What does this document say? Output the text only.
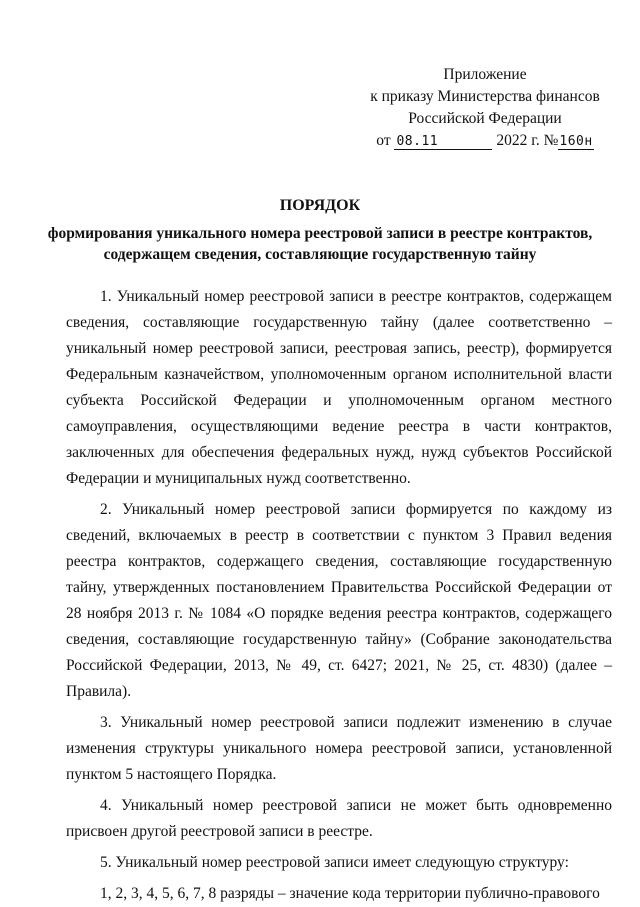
Приложение
к приказу Министерства финансов
Российской Федерации
от 08.11	2022 г. №160н
ПОРЯДОК
формирования уникального номера реестровой записи в реестре контрактов, содержащем сведения, составляющие государственную тайну

1. Уникальный номер реестровой записи в реестре контрактов, содержащем сведения, составляющие государственную тайну (далее соответственно – уникальный номер реестровой записи, реестровая запись, реестр), формируется Федеральным казначейством, уполномоченным органом исполнительной власти субъекта Российской Федерации и уполномоченным органом местного самоуправления, осуществляющими ведение реестра в части контрактов, заключенных для обеспечения федеральных нужд, нужд субъектов Российской Федерации и муниципальных нужд соответственно.

2. Уникальный номер реестровой записи формируется по каждому из сведений, включаемых в реестр в соответствии с пунктом 3 Правил ведения реестра контрактов, содержащего сведения, составляющие государственную тайну, утвержденных постановлением Правительства Российской Федерации от 28 ноября 2013 г. № 1084 «О порядке ведения реестра контрактов, содержащего сведения, составляющие государственную тайну» (Собрание законодательства Российской Федерации, 2013, № 49, ст. 6427; 2021, № 25, ст. 4830) (далее – Правила).

3. Уникальный номер реестровой записи подлежит изменению в случае изменения структуры уникального номера реестровой записи, установленной пунктом 5 настоящего Порядка.

4. Уникальный номер реестровой записи не может быть одновременно присвоен другой реестровой записи в реестре.

5. Уникальный номер реестровой записи имеет следующую структуру:

1, 2, 3, 4, 5, 6, 7, 8 разряды – значение кода территории публично-правового
